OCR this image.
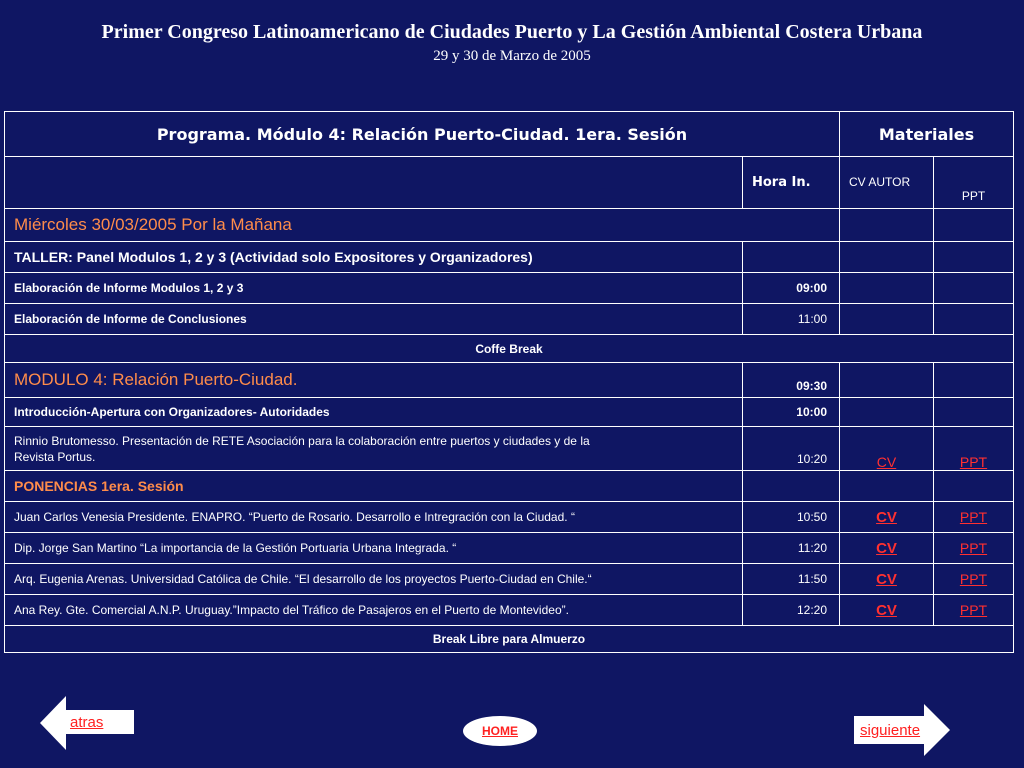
Primer Congreso Latinoamericano de Ciudades Puerto y La Gestión Ambiental Costera Urbana
29 y 30 de Marzo de 2005
Programa. Módulo 4: Relación Puerto-Ciudad. 1era. Sesión		Materiales	
	Hora In.	CV AUTOR	PPT

Miércoles 30/03/2005 Por la Mañana			
TALLER: Panel Modulos 1, 2 y 3 (Actividad solo Expositores y Organizadores)			
Elaboración de Informe Modulos 1, 2 y 3	09:00		
Elaboración de Informe de Conclusiones	11:00		
Coffe Break			
MODULO 4: Relación Puerto-Ciudad.	09:30		
Introducción-Apertura con Organizadores- Autoridades	10:00		

Rinnio Brutomesso. Presentación de RETE Asociación para la colaboración entre puertos y ciudades y de la
Revista Portus.	10:20	CV	PPT
PONENCIAS 1era. Sesión			
Juan Carlos Venesia Presidente. ENAPRO. “Puerto de Rosario. Desarrollo e Intregración con la Ciudad. “	10:50	CV	PPT
Dip. Jorge San Martino “La importancia de la Gestión Portuaria Urbana Integrada. “	11:20	CV	PPT
Arq. Eugenia Arenas. Universidad Católica de Chile. “El desarrollo de los proyectos Puerto-Ciudad en Chile.“	11:50	CV	PPT
Ana Rey. Gte. Comercial A.N.P. Uruguay.”Impacto del Tráfico de Pasajeros en el Puerto de Montevideo”.	12:20	CV	PPT
Break Libre para Almuerzo			
atras	HOME	siguiente
